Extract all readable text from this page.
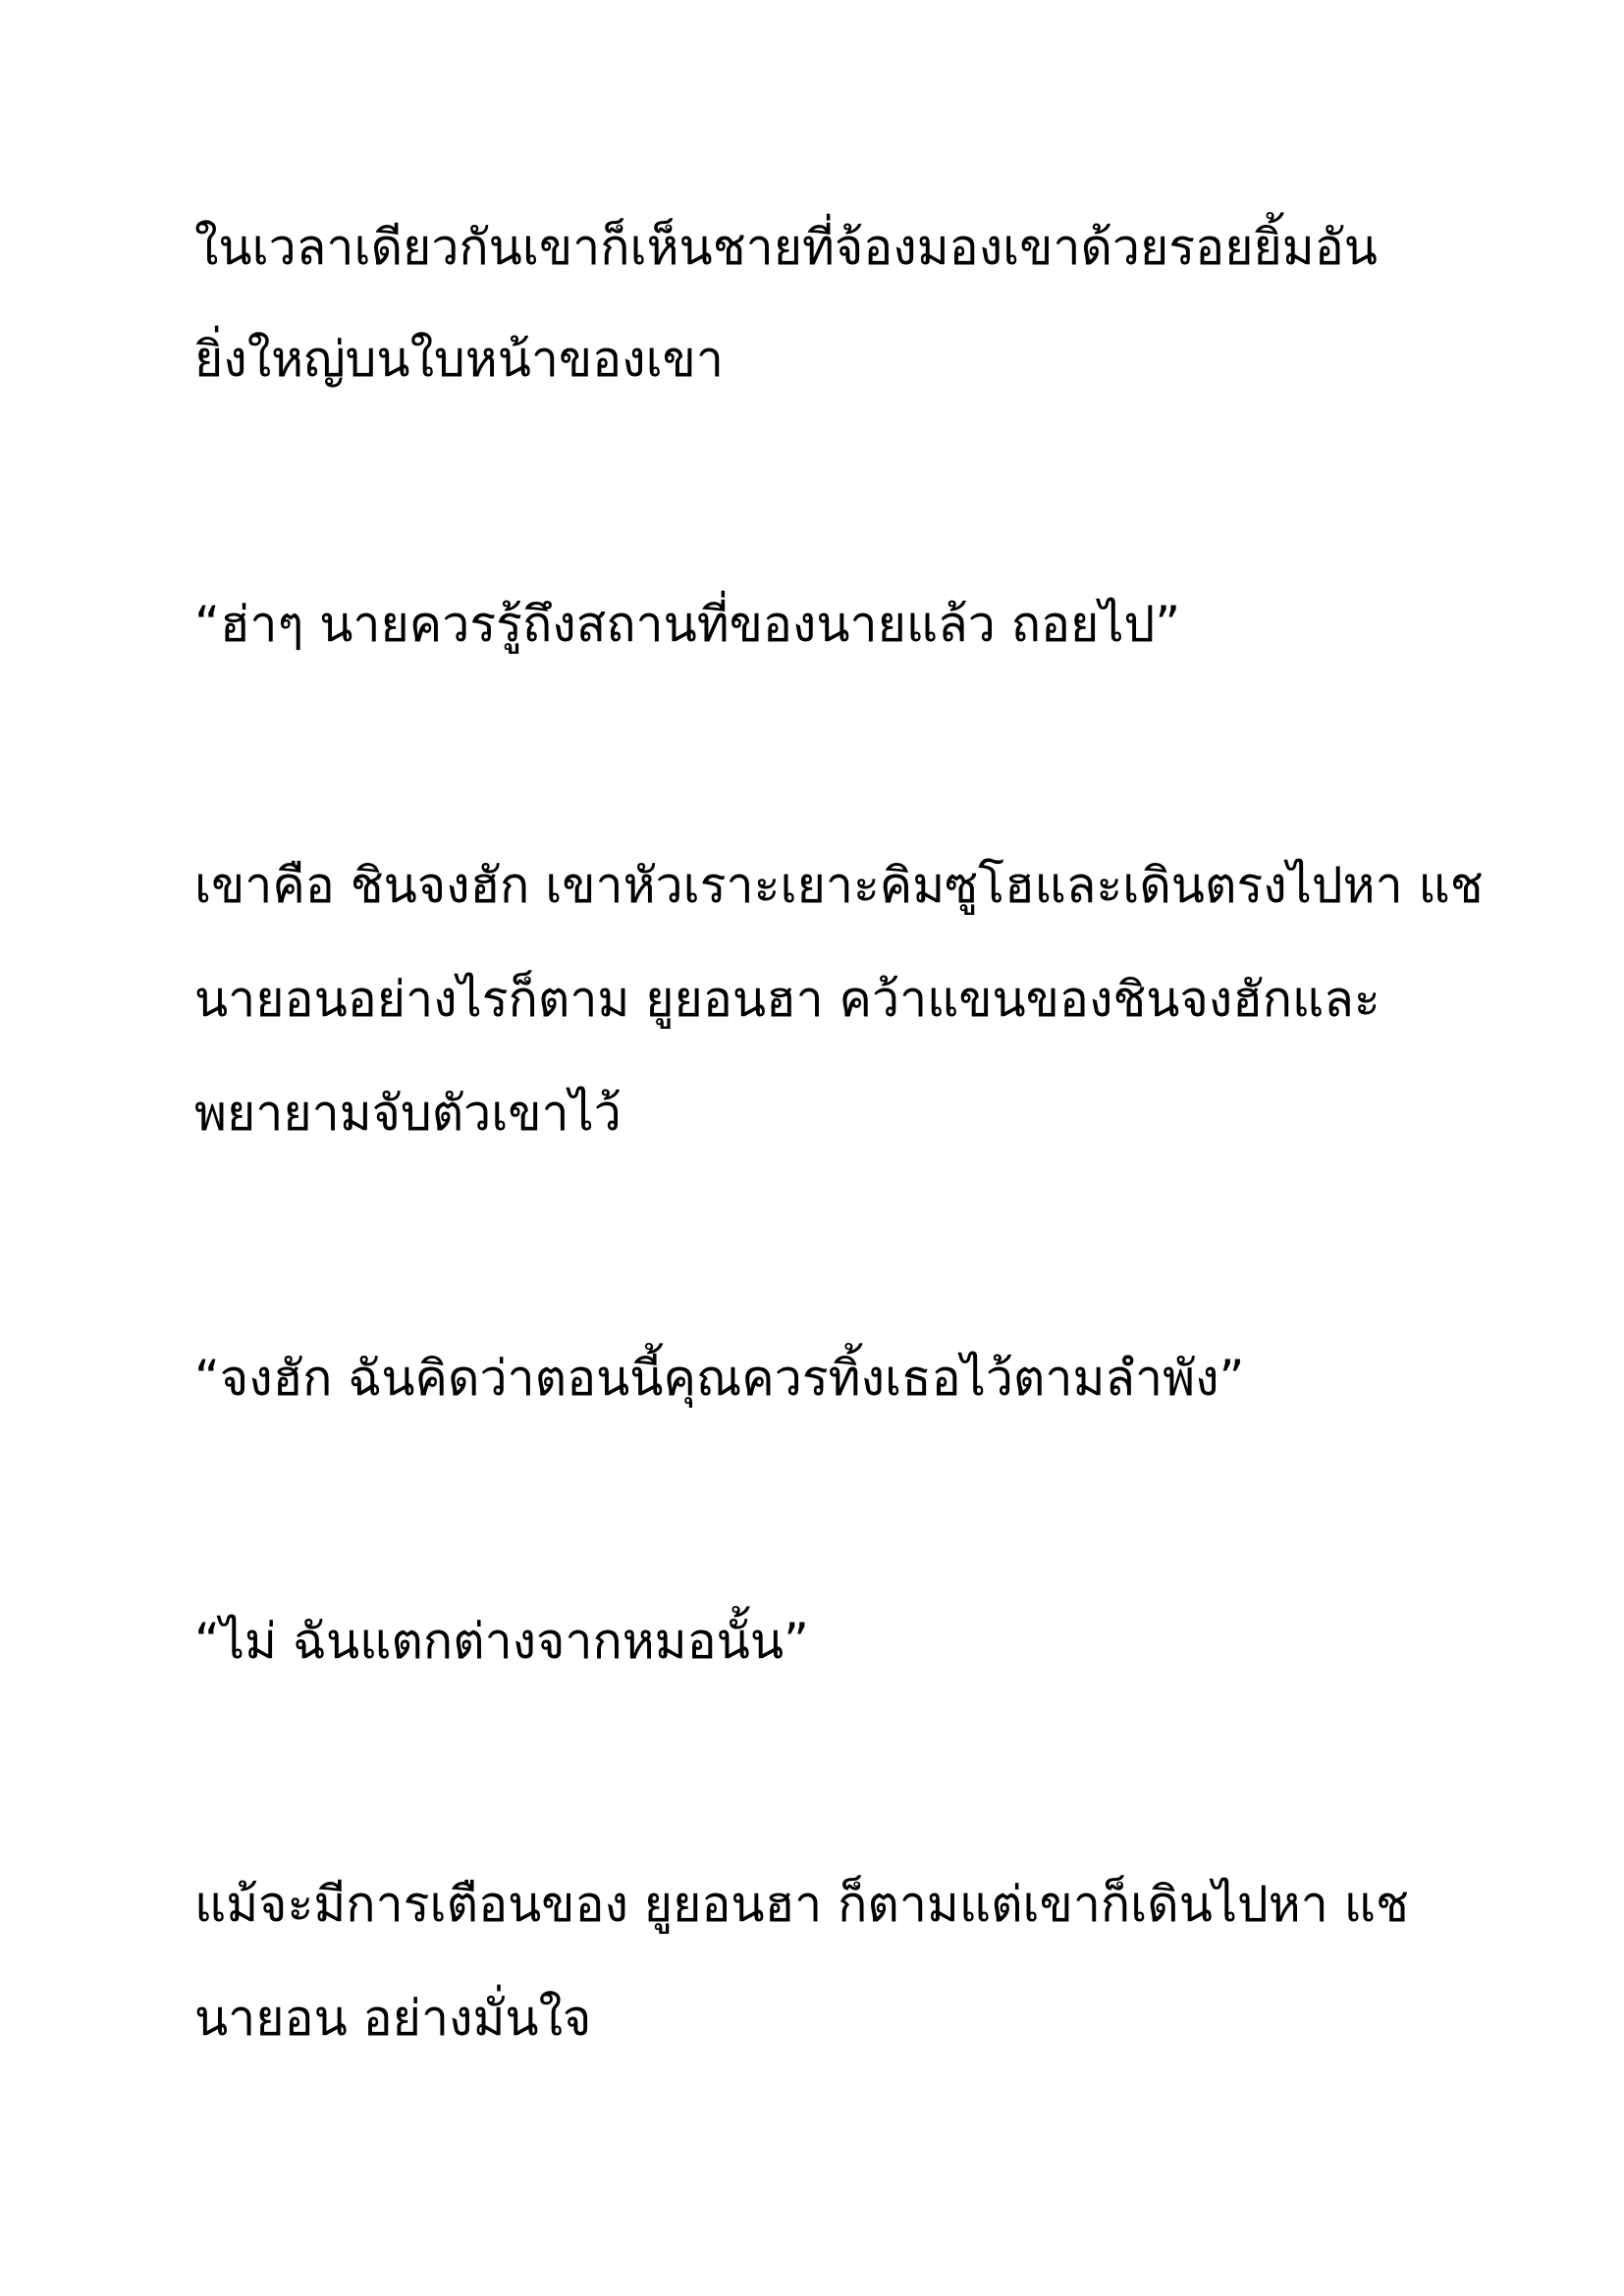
ในเวลาเดียวกันเขาก็เห็นชายที่จ้องมองเขาด้วยรอยยิ้มอัน

ยิ่งใหญ่บนใบหน้าของเขา

“ฮ่าๆ นายควรรู้ถึงสถานที่ของนายแล้ว ถอยไป”

เขาคือ ชินจงฮัก เขาหัวเราะเยาะคิมซูโฮและเดินตรงไปหา แช

นายอนอย่างไรก็ตาม ยูยอนฮา คว้าแขนของชินจงฮักและ

พยายามจับตัวเขาไว้

“จงฮัก ฉันคิดว่าตอนนี้คุณควรทิ้งเธอไว้ตามลำพัง”

“ไม่ ฉันแตกต่างจากหมอนั้น”

แม้จะมีการเตือนของ ยูยอนฮา ก็ตามแต่เขาก็เดินไปหา แช

นายอน อย่างมั่นใจ
